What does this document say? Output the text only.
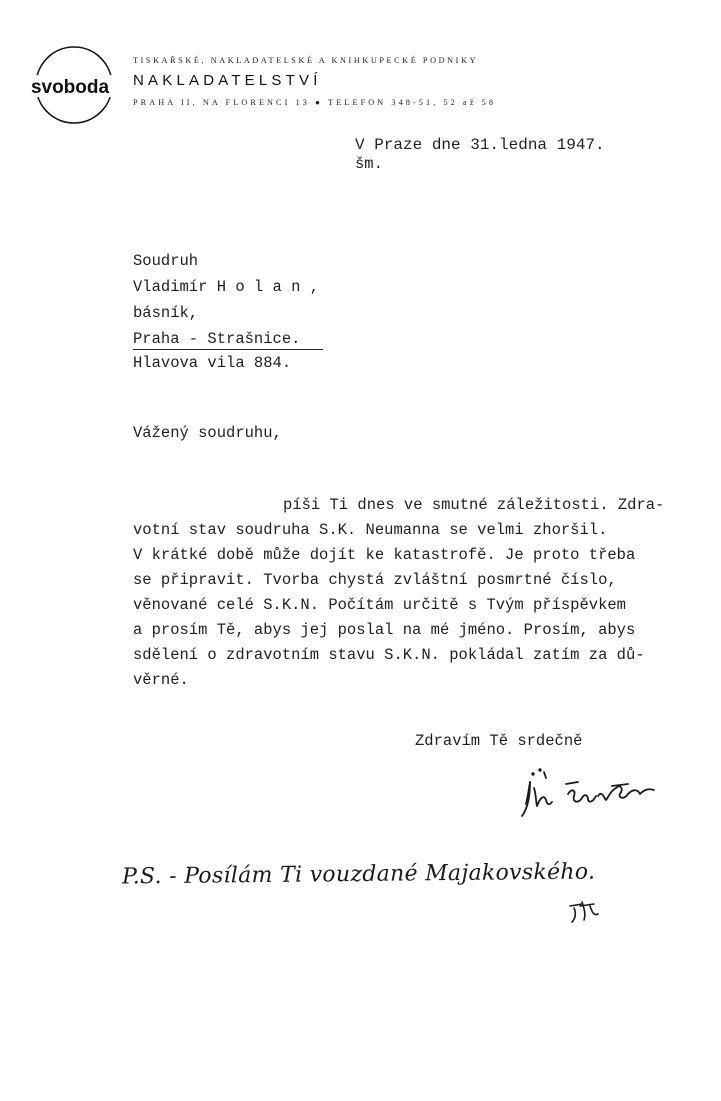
svoboda
TISKAŘSKÉ, NAKLADATELSKÉ A KNIHKUPECKÉ PODNIKY
NAKLADATELSTVÍ
PRAHA II, NA FLORENCI 13 ● TELEFON 348-51, 52 až 58
V Praze dne 31.ledna 1947.
šm.
Soudruh
Vladimír H o l a n ,
básník,
Praha - Strašnice.
Hlavova vila 884.
Vážený soudruhu,
píši Ti dnes ve smutné záležitosti. Zdra-
votní stav soudruha S.K. Neumanna se velmi zhoršil.
V krátké době může dojít ke katastrofě. Je proto třeba
se připravit. Tvorba chystá zvláštní posmrtné číslo,
věnované celé S.K.N. Počítám určitě s Tvým příspěvkem
a prosím Tě, abys jej poslal na mé jméno. Prosím, abys
sdělení o zdravotním stavu S.K.N. pokládal zatím za dů-
věrné.
Zdravím Tě srdečně
P.S. - Posílám Ti vouzdané Majakovského.
